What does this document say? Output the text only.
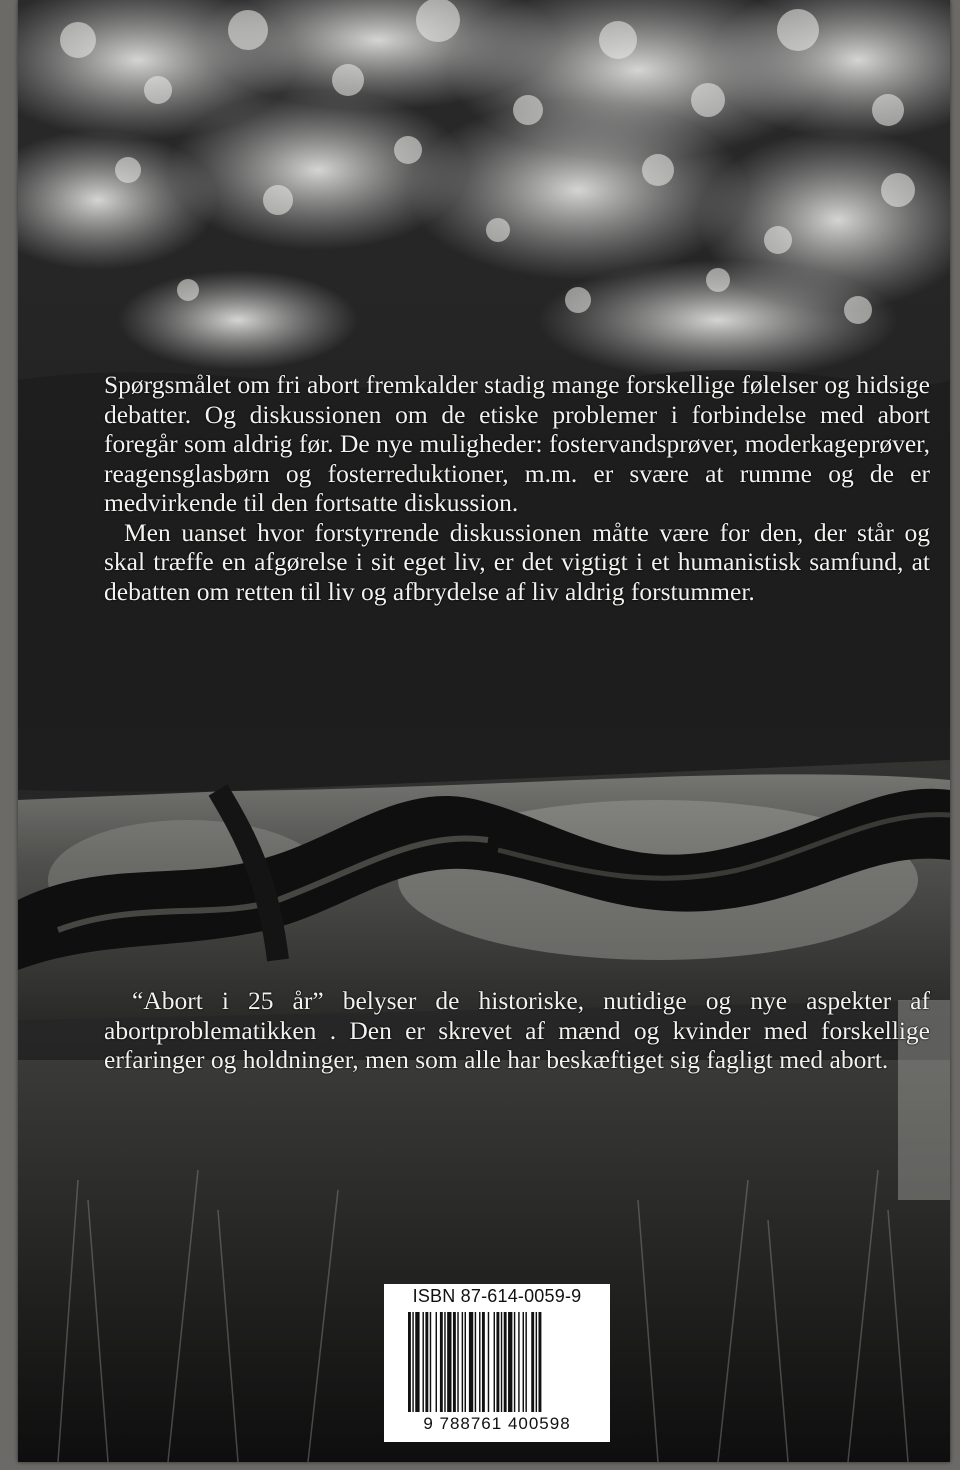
Spørgsmålet om fri abort fremkalder stadig mange forskellige følelser og hidsige debatter. Og diskussionen om de etiske problemer i forbindelse med abort foregår som aldrig før. De nye muligheder: fostervandsprøver, moderkageprøver, reagensglasbørn og fosterreduktioner, m.m. er svære at rumme og de er medvirkende til den fortsatte diskussion.

Men uanset hvor forstyrrende diskussionen måtte være for den, der står og skal træffe en afgørelse i sit eget liv, er det vigtigt i et humanistisk samfund, at debatten om retten til liv og afbrydelse af liv aldrig forstummer.

“Abort i 25 år” belyser de historiske, nutidige og nye aspekter af abortproblematikken . Den er skrevet af mænd og kvinder med forskellige erfaringer og holdninger, men som alle har beskæftiget sig fagligt med abort.

ISBN 87-614-0059-9
9 788761 400598
